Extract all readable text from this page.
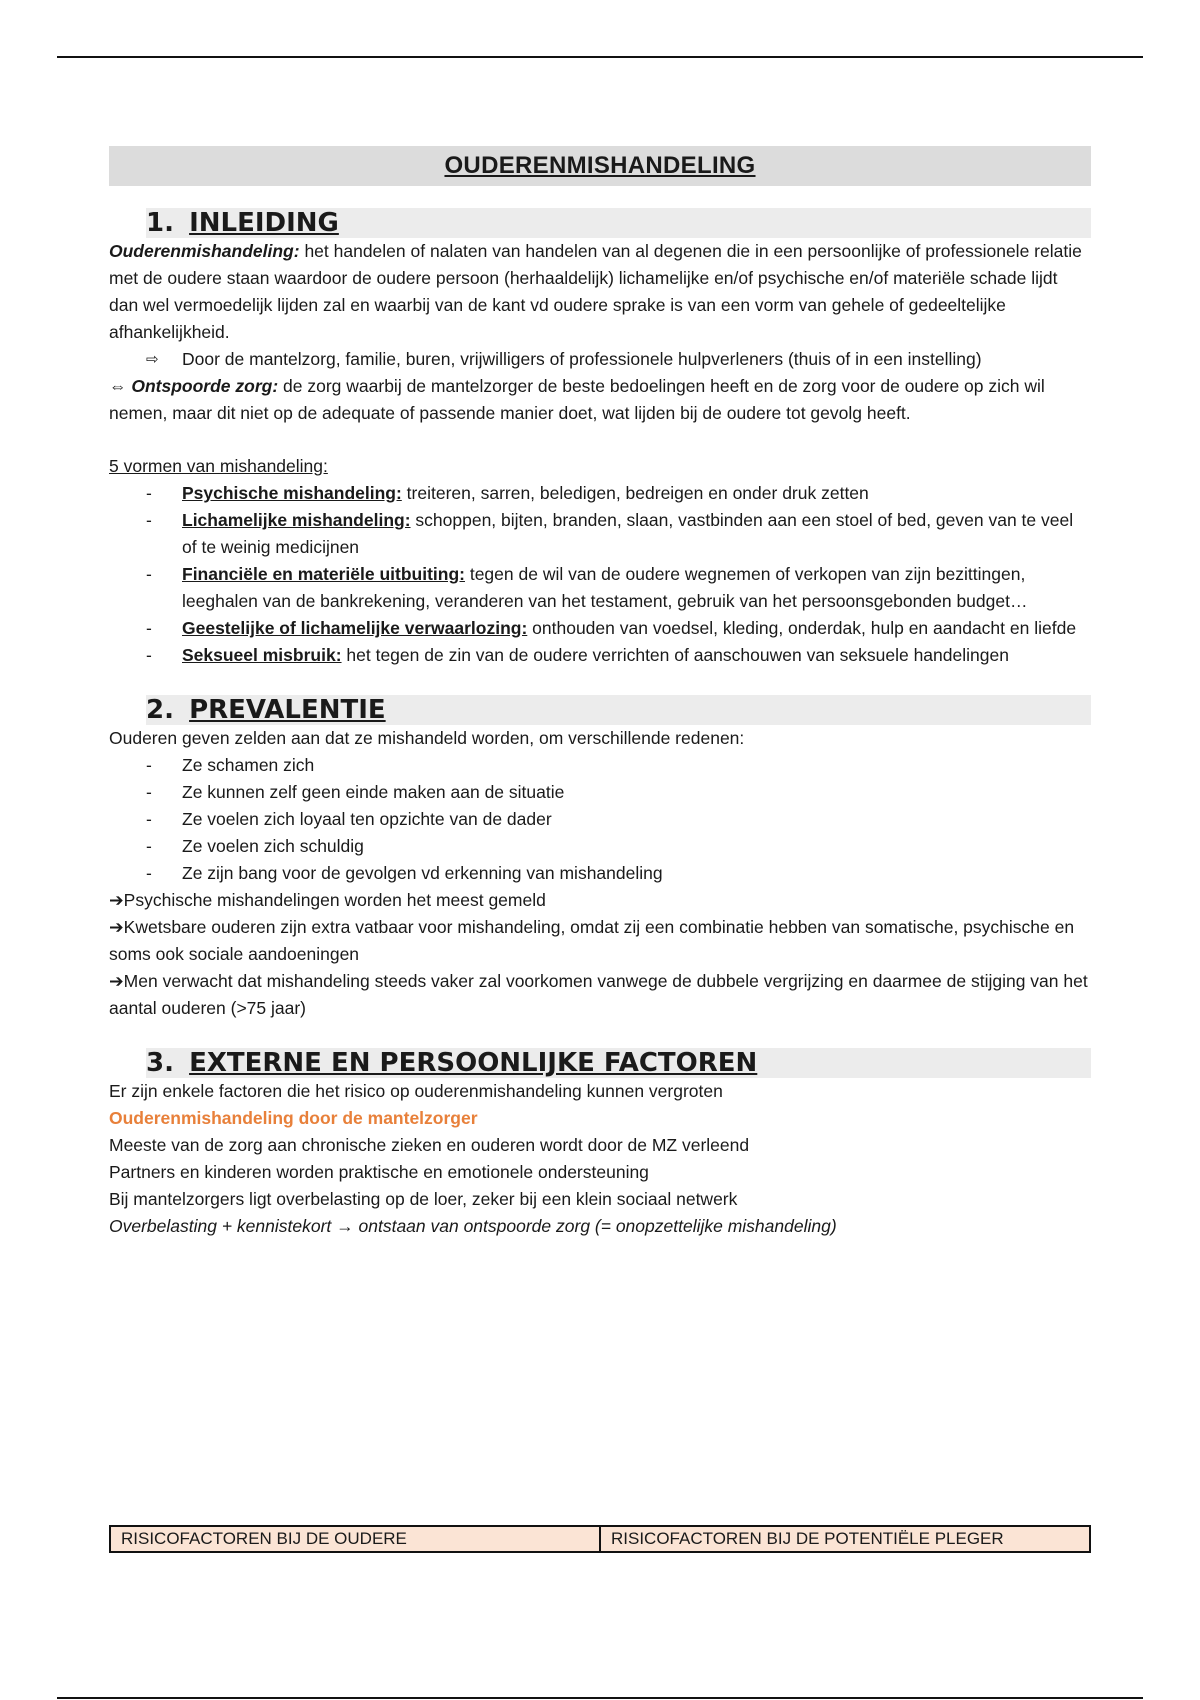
OUDERENMISHANDELING
1. INLEIDING

Ouderenmishandeling: het handelen of nalaten van handelen van al degenen die in een persoonlijke of professionele relatie met de oudere staan waardoor de oudere persoon (herhaaldelijk) lichamelijke en/of psychische en/of materiële schade lijdt dan wel vermoedelijk lijden zal en waarbij van de kant vd oudere sprake is van een vorm van gehele of gedeeltelijke afhankelijkheid.

⇨	Door de mantelzorg, familie, buren, vrijwilligers of professionele hulpverleners (thuis of in een instelling)

⇔ Ontspoorde zorg: de zorg waarbij de mantelzorger de beste bedoelingen heeft en de zorg voor de oudere op zich wil nemen, maar dit niet op de adequate of passende manier doet, wat lijden bij de oudere tot gevolg heeft.

5 vormen van mishandeling:

-	Psychische mishandeling: treiteren, sarren, beledigen, bedreigen en onder druk zetten
-	Lichamelijke mishandeling: schoppen, bijten, branden, slaan, vastbinden aan een stoel of bed, geven van te veel of te weinig medicijnen
-	Financiële en materiële uitbuiting: tegen de wil van de oudere wegnemen of verkopen van zijn bezittingen, leeghalen van de bankrekening, veranderen van het testament, gebruik van het persoonsgebonden budget…
-	Geestelijke of lichamelijke verwaarlozing: onthouden van voedsel, kleding, onderdak, hulp en aandacht en liefde
-	Seksueel misbruik: het tegen de zin van de oudere verrichten of aanschouwen van seksuele handelingen
2. PREVALENTIE

Ouderen geven zelden aan dat ze mishandeld worden, om verschillende redenen:

-	Ze schamen zich
-	Ze kunnen zelf geen einde maken aan de situatie
-	Ze voelen zich loyaal ten opzichte van de dader
-	Ze voelen zich schuldig
-	Ze zijn bang voor de gevolgen vd erkenning van mishandeling

➔Psychische mishandelingen worden het meest gemeld

➔Kwetsbare ouderen zijn extra vatbaar voor mishandeling, omdat zij een combinatie hebben van somatische, psychische en soms ook sociale aandoeningen

➔Men verwacht dat mishandeling steeds vaker zal voorkomen vanwege de dubbele vergrijzing en daarmee de stijging van het aantal ouderen (>75 jaar)

3. EXTERNE EN PERSOONLIJKE FACTOREN

Er zijn enkele factoren die het risico op ouderenmishandeling kunnen vergroten

Ouderenmishandeling door de mantelzorger

Meeste van de zorg aan chronische zieken en ouderen wordt door de MZ verleend

Partners en kinderen worden praktische en emotionele ondersteuning

Bij mantelzorgers ligt overbelasting op de loer, zeker bij een klein sociaal netwerk

Overbelasting + kennistekort → ontstaan van ontspoorde zorg (= onopzettelijke mishandeling)

RISICOFACTOREN BIJ DE OUDERE	RISICOFACTOREN BIJ DE POTENTIËLE PLEGER
